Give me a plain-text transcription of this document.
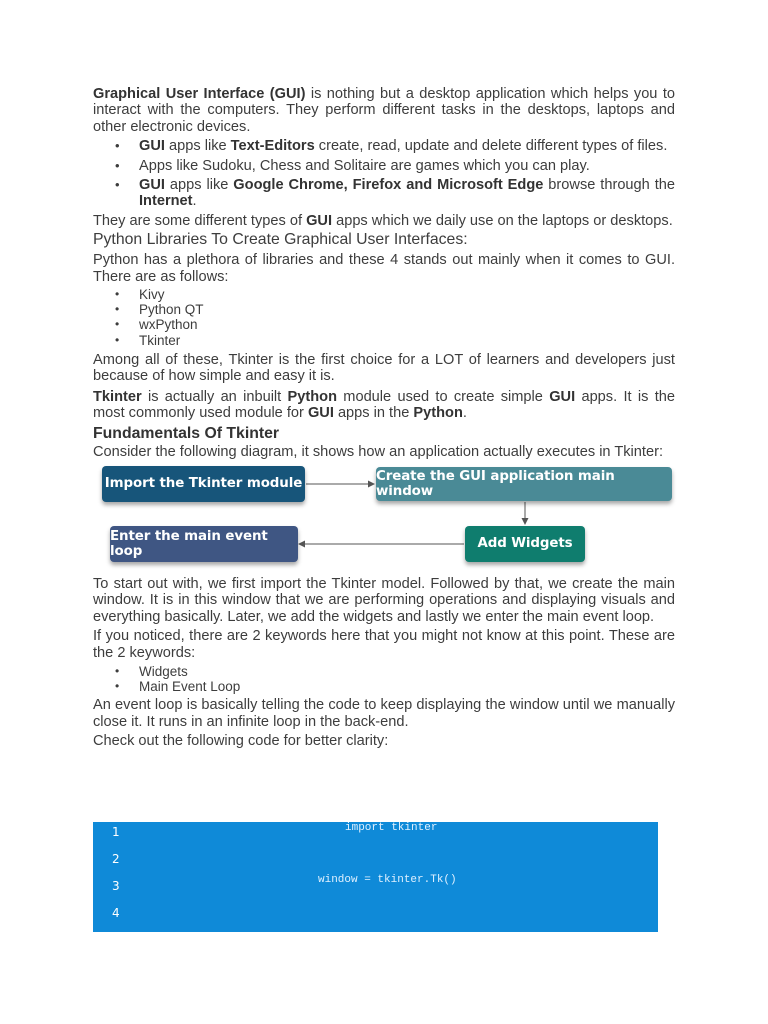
Graphical User Interface (GUI) is nothing but a desktop application which helps you to interact with the computers. They perform different tasks in the desktops, laptops and other electronic devices.

• GUI apps like Text-Editors create, read, update and delete different types of files.
• Apps like Sudoku, Chess and Solitaire are games which you can play.
• GUI apps like Google Chrome, Firefox and Microsoft Edge browse through the Internet.

They are some different types of GUI apps which we daily use on the laptops or desktops.

Python Libraries To Create Graphical User Interfaces:

Python has a plethora of libraries and these 4 stands out mainly when it comes to GUI. There are as follows:

• Kivy
• Python QT
• wxPython
• Tkinter

Among all of these, Tkinter is the first choice for a LOT of learners and developers just because of how simple and easy it is.

Tkinter is actually an inbuilt Python module used to create simple GUI apps. It is the most commonly used module for GUI apps in the Python.

Fundamentals Of Tkinter

Consider the following diagram, it shows how an application actually executes in Tkinter:

Import the Tkinter module	Create the GUI application main window
Add Widgets
Enter the main event loop

To start out with, we first import the Tkinter model. Followed by that, we create the main window. It is in this window that we are performing operations and displaying visuals and everything basically. Later, we add the widgets and lastly we enter the main event loop.

If you noticed, there are 2 keywords here that you might not know at this point. These are the 2 keywords:

• Widgets
• Main Event Loop

An event loop is basically telling the code to keep displaying the window until we manually close it. It runs in an infinite loop in the back-end.

Check out the following code for better clarity:

1
2
3
4
import tkinter
window = tkinter.Tk()
